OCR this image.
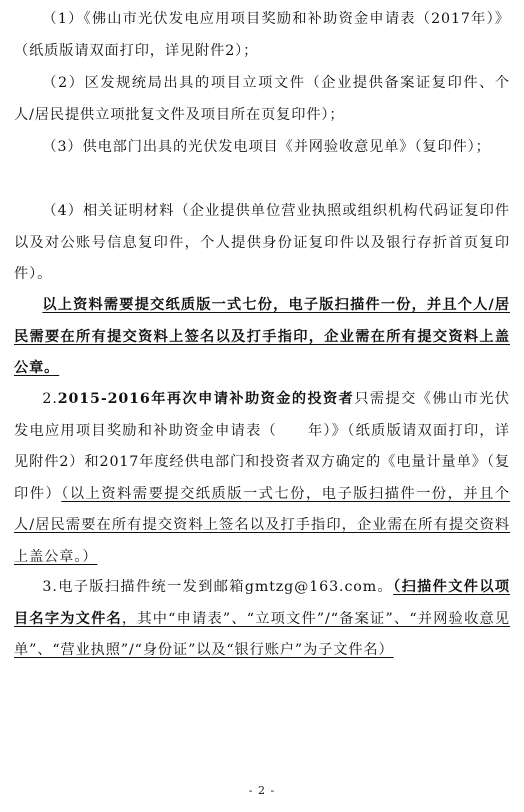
（1）《佛山市光伏发电应用项目奖励和补助资金申请表（2017年）》（纸质版请双面打印，详见附件2）；

（2）区发规统局出具的项目立项文件（企业提供备案证复印件、个人/居民提供立项批复文件及项目所在页复印件）；

（3）供电部门出具的光伏发电项目《并网验收意见单》（复印件）；

（4）相关证明材料（企业提供单位营业执照或组织机构代码证复印件以及对公账号信息复印件，个人提供身份证复印件以及银行存折首页复印件）。

以上资料需要提交纸质版一式七份，电子版扫描件一份，并且个人/居民需要在所有提交资料上签名以及打手指印，企业需在所有提交资料上盖公章。

2.2015-2016年再次申请补助资金的投资者只需提交《佛山市光伏发电应用项目奖励和补助资金申请表（　　年）》（纸质版请双面打印，详见附件2）和2017年度经供电部门和投资者双方确定的《电量计量单》（复印件）（以上资料需要提交纸质版一式七份，电子版扫描件一份，并且个人/居民需要在所有提交资料上签名以及打手指印，企业需在所有提交资料上盖公章。）

3.电子版扫描件统一发到邮箱gmtzg@163.com。（扫描件文件以项目名字为文件名，其中“申请表”、“立项文件”/“备案证”、“并网验收意见单”、“营业执照”/“身份证”以及“银行账户”为子文件名）

- 2 -
